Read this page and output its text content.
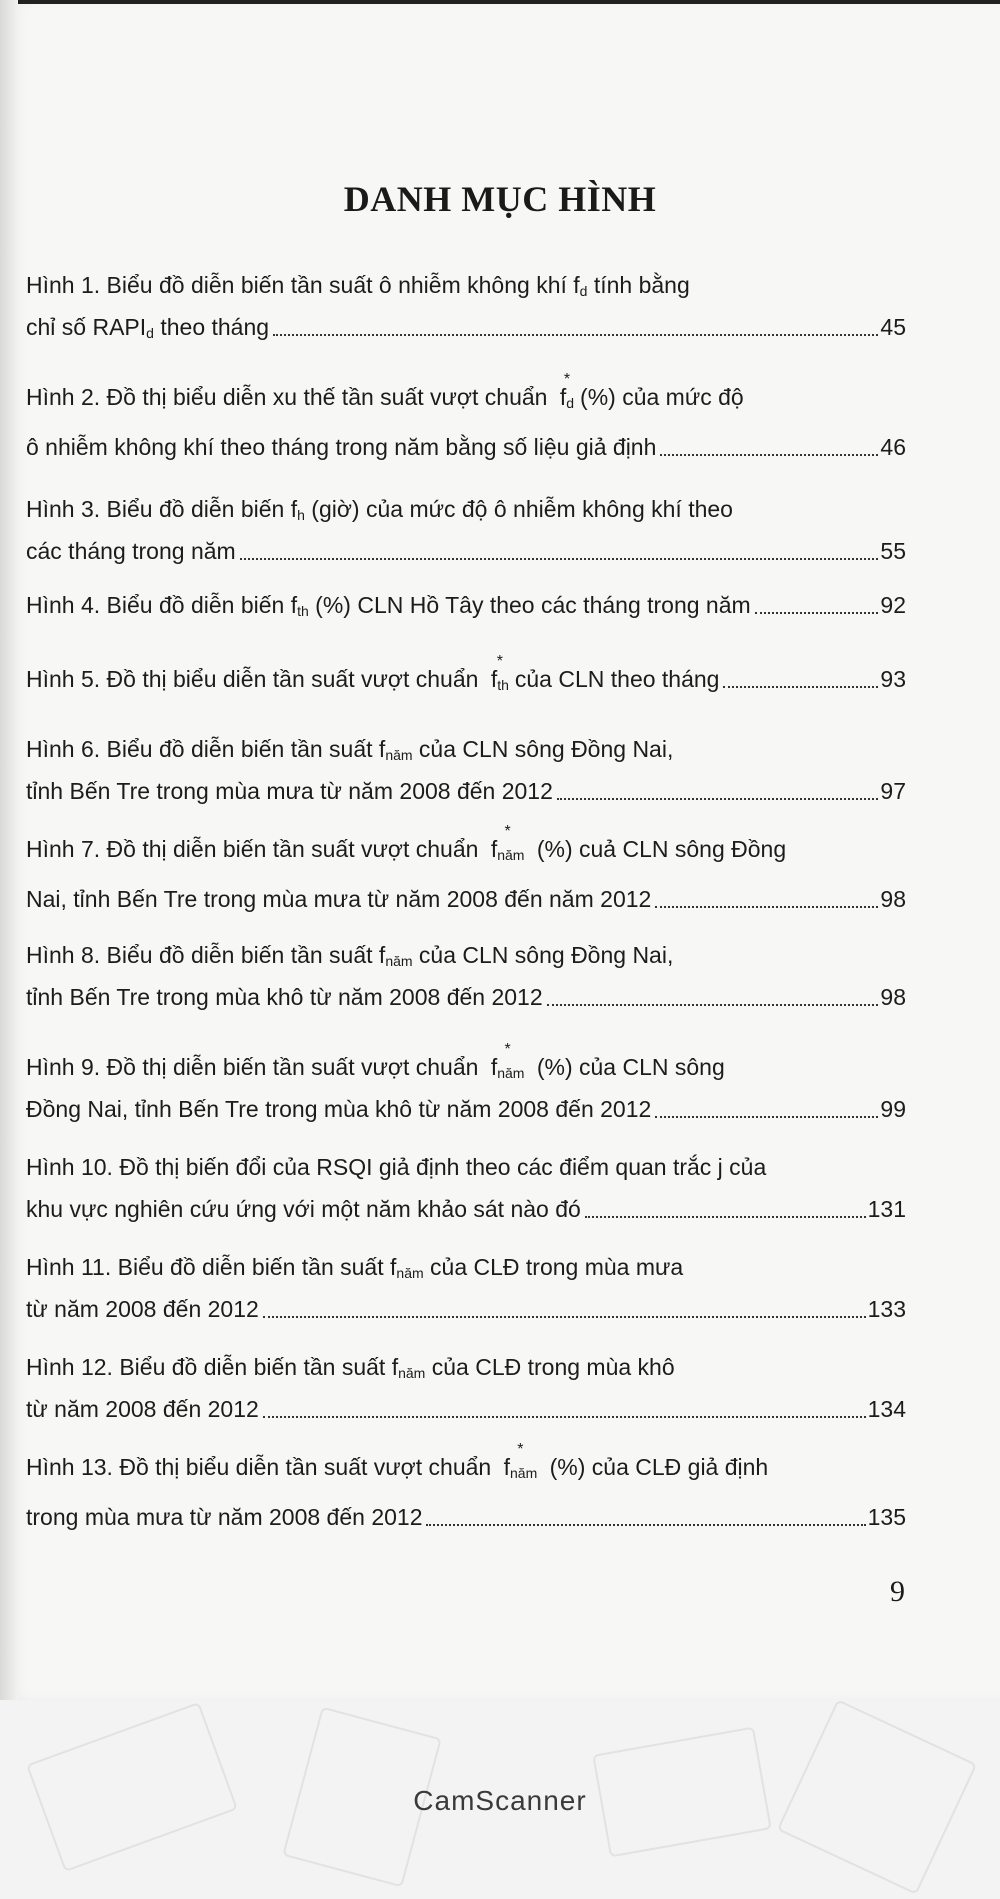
DANH MỤC HÌNH
Hình 1. Biểu đồ diễn biến tần suất ô nhiễm không khí $f_d$ tính bằng
chỉ số $RAPI_d$ theo tháng	45
Hình 2. Đồ thị biểu diễn xu thế tần suất vượt chuẩn
*
$f_d$ (%) của mức độ
ô nhiễm không khí theo tháng trong năm bằng số liệu giả định	46
Hình 3. Biểu đồ diễn biến $f_h$ (giờ) của mức độ ô nhiễm không khí theo
các tháng trong năm	55
Hình 4. Biểu đồ diễn biến $f_{th}$ (%) CLN Hồ Tây theo các tháng trong năm	92
Hình 5. Đồ thị biểu diễn tần suất vượt chuẩn
*
$f_{th}$ của CLN theo tháng	93
Hình 6. Biểu đồ diễn biến tần suất $f_{năm}$ của CLN sông Đồng Nai,
tỉnh Bến Tre trong mùa mưa từ năm 2008 đến 2012	97
Hình 7. Đồ thị diễn biến tần suất vượt chuẩn
*
$f_{năm}$ (%) cuả CLN sông Đồng
Nai, tỉnh Bến Tre trong mùa mưa từ năm 2008 đến năm 2012	98
Hình 8. Biểu đồ diễn biến tần suất $f_{năm}$ của CLN sông Đồng Nai,
tỉnh Bến Tre trong mùa khô từ năm 2008 đến 2012	98
Hình 9. Đồ thị diễn biến tần suất vượt chuẩn
*
$f_{năm}$ (%) của CLN sông
Đồng Nai, tỉnh Bến Tre trong mùa khô từ năm 2008 đến 2012	99
Hình 10. Đồ thị biến đổi của RSQI giả định theo các điểm quan trắc j của
khu vực nghiên cứu ứng với một năm khảo sát nào đó	131
Hình 11. Biểu đồ diễn biến tần suất $f_{năm}$ của CLĐ trong mùa mưa
từ năm 2008 đến 2012	133
Hình 12. Biểu đồ diễn biến tần suất $f_{năm}$ của CLĐ trong mùa khô
từ năm 2008 đến 2012	134
Hình 13. Đồ thị biểu diễn tần suất vượt chuẩn
*
$f_{năm}$ (%) của CLĐ giả định
trong mùa mưa từ năm 2008 đến 2012	135
9
CamScanner
